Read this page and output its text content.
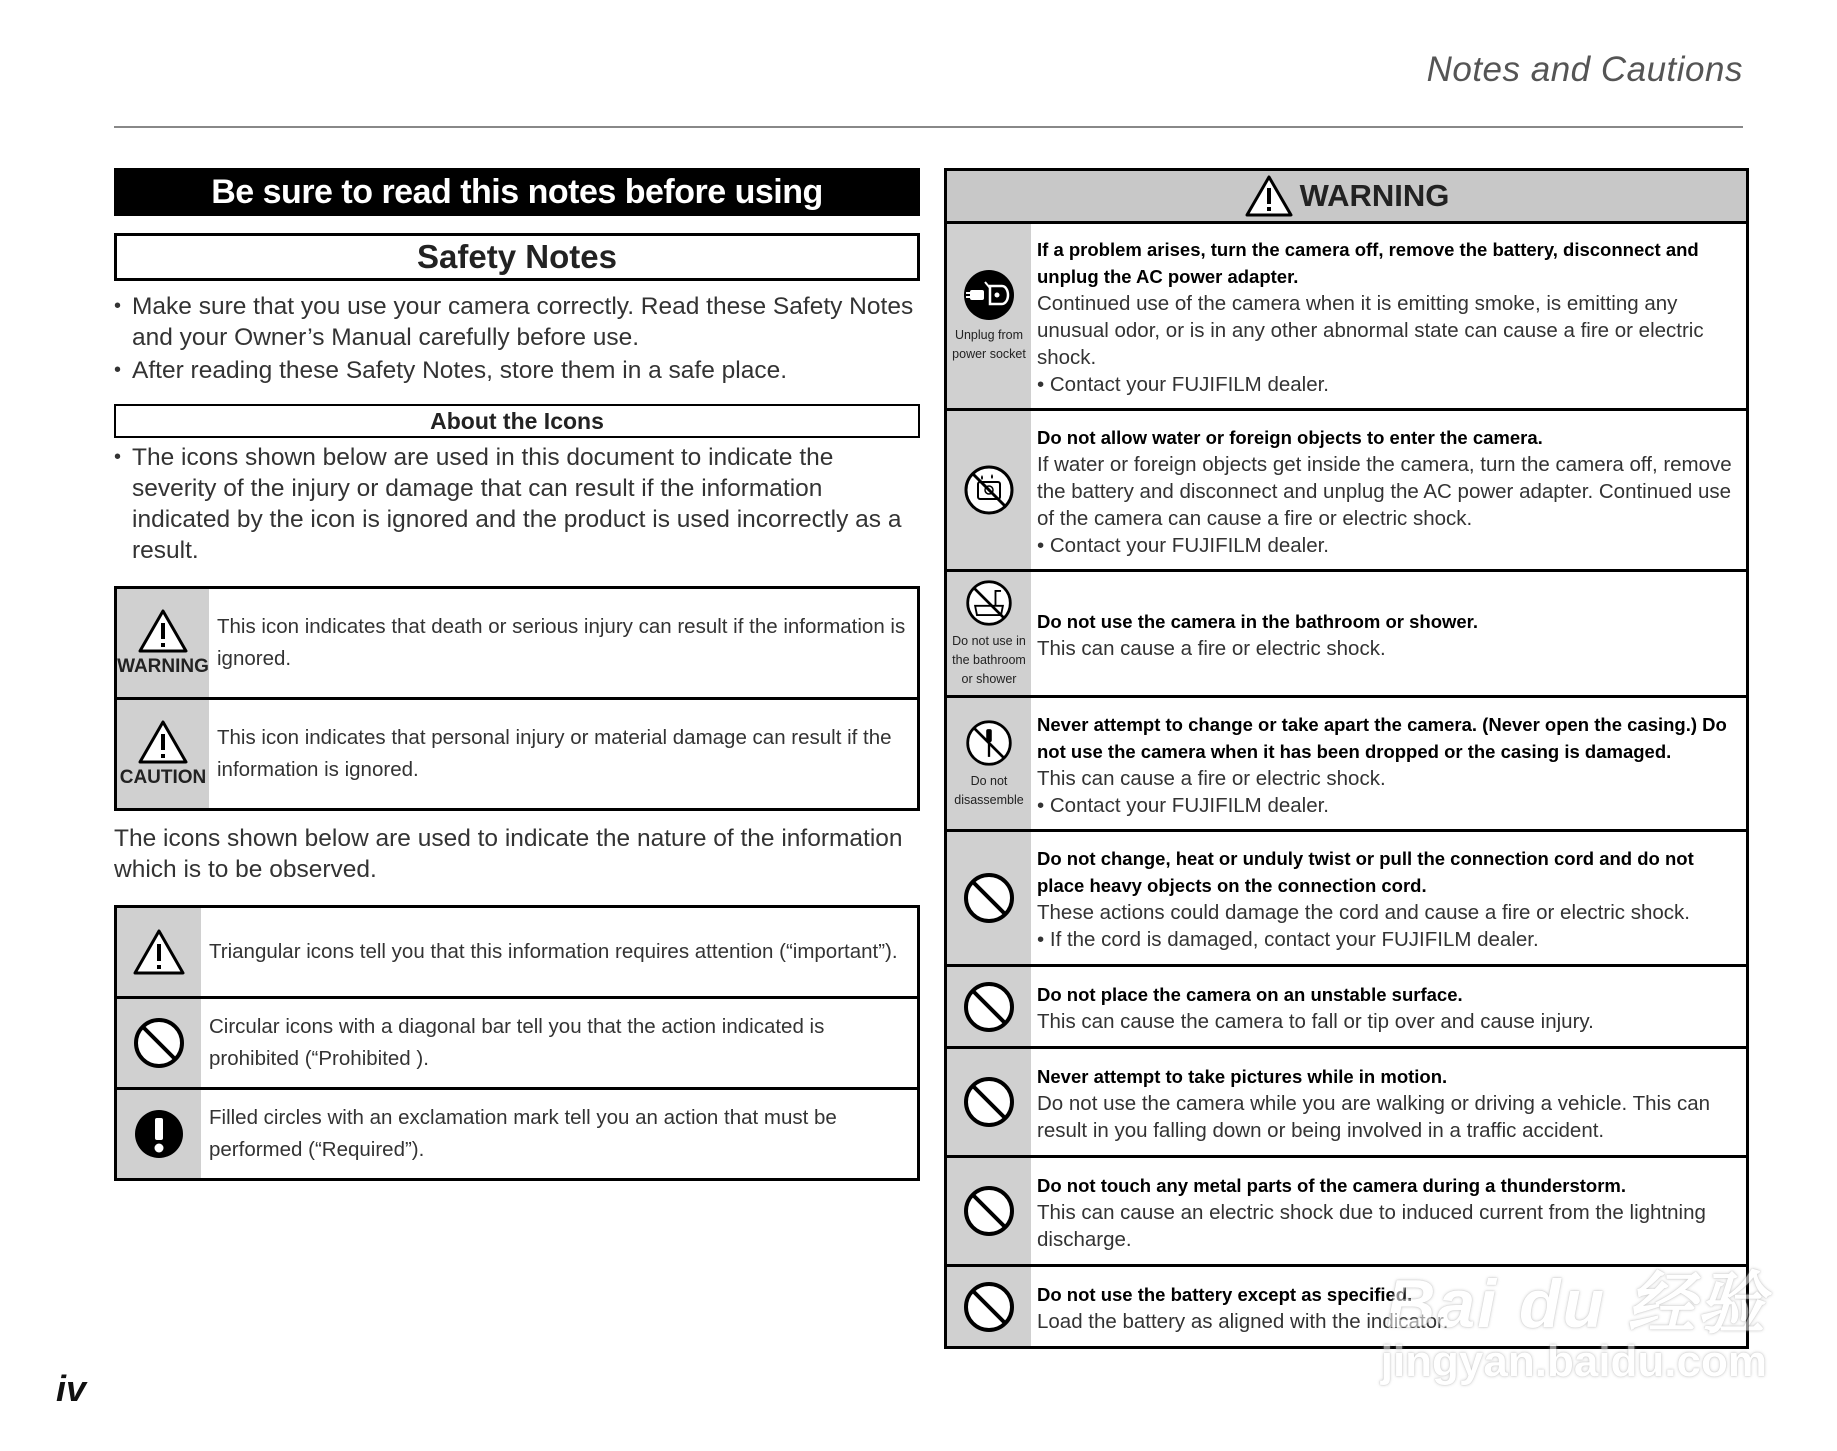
Notes and Cautions
Be sure to read this notes before using
Safety Notes
• Make sure that you use your camera correctly. Read these Safety Notes and your Owner’s Manual carefully before use.
• After reading these Safety Notes, store them in a safe place.
About the Icons
• The icons shown below are used in this document to indicate the severity of the injury or damage that can result if the information indicated by the icon is ignored and the product is used incorrectly as a result.
WARNING
This icon indicates that death or serious injury can result if the information is ignored.
CAUTION
This icon indicates that personal injury or material damage can result if the information is ignored.
The icons shown below are used to indicate the nature of the information which is to be observed.
Triangular icons tell you that this information requires attention (“important”).
Circular icons with a diagonal bar tell you that the action indicated is prohibited (“Prohibited ).
Filled circles with an exclamation mark tell you an action that must be performed (“Required”).
WARNING
Unplug from power socket
If a problem arises, turn the camera off, remove the battery, disconnect and unplug the AC power adapter.
Continued use of the camera when it is emitting smoke, is emitting any unusual odor, or is in any other abnormal state can cause a fire or electric shock.
• Contact your FUJIFILM dealer.
Do not allow water or foreign objects to enter the camera.
If water or foreign objects get inside the camera, turn the camera off, remove the battery and disconnect and unplug the AC power adapter. Continued use of the camera can cause a fire or electric shock.
• Contact your FUJIFILM dealer.
Do not use in the bathroom or shower
Do not use the camera in the bathroom or shower.
This can cause a fire or electric shock.
Do not disassemble
Never attempt to change or take apart the camera. (Never open the casing.) Do not use the camera when it has been dropped or the casing is damaged.
This can cause a fire or electric shock.
• Contact your FUJIFILM dealer.
Do not change, heat or unduly twist or pull the connection cord and do not place heavy objects on the connection cord.
These actions could damage the cord and cause a fire or electric shock.
• If the cord is damaged, contact your FUJIFILM dealer.
Do not place the camera on an unstable surface.
This can cause the camera to fall or tip over and cause injury.
Never attempt to take pictures while in motion.
Do not use the camera while you are walking or driving a vehicle. This can result in you falling down or being involved in a traffic accident.
Do not touch any metal parts of the camera during a thunderstorm.
This can cause an electric shock due to induced current from the lightning discharge.
Do not use the battery except as specified.
Load the battery as aligned with the indicator.
iv
Bai du 经验
jingyan.baidu.com
